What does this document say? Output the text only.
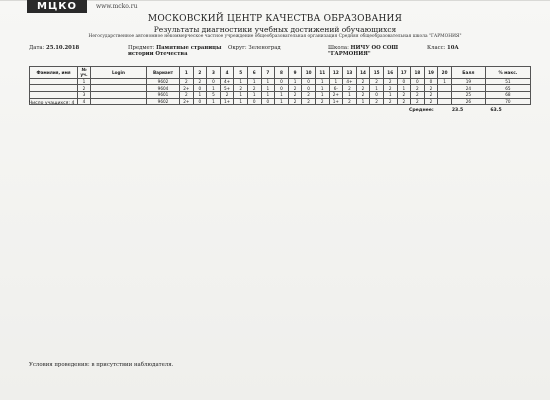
МЦКО	www.mcko.ru
МОСКОВСКИЙ ЦЕНТР КАЧЕСТВА ОБРАЗОВАНИЯ
Результаты диагностики учебных достижений обучающихся
Негосударственное автономное некоммерческое частное учреждение общеобразовательная организация Средняя общеобразовательная школа "ГАРМОНИЯ"
Дата: 25.10.2018	Предмет: Памятные страницы истории Отечества
Округ: Зеленоград	Школа: НИЧУ ОО СОШ "ГАРМОНИЯ"
Класс: 10А
Фамилия, имя	№ уч.	Login	Вариант	1	2	3	4	5	6	7	8	9	10	11	12	13	14	15	16	17	18	19	20	Балл	% макс.
	1		9602	2	2	0	4+	1	1	1	0	1	0	1	1	4+	2	2	2	0	0	0	1	19	51
	2		9604	2+	0	1	5+	2	2	1	0	2	0	1	6-	2	2	1	2	1	2	2		24	65
	3		9601	2	1	5	2	1	1	1	1	2	2	1	2+	1	2	0	1	2	2	2		25	68
	4		9602	2+	0	1	1+	1	0	0	1	2	2	2	1+	2	1	2	2	2	2	2		26	70
Число учащихся: 4
Среднее:	23.5	63.5
Условия проведения: в присутствии наблюдателя.
